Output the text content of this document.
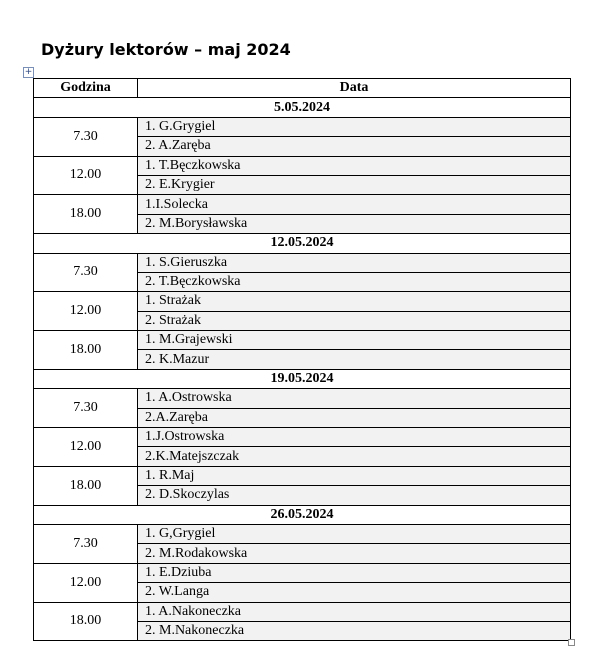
Dyżury lektorów – maj 2024
+
Godzina	Data
5.05.2024	
7.30	1. G.Grygiel
	2. A.Zaręba
12.00	1. T.Bęczkowska
	2. E.Krygier
18.00	1.I.Solecka
	2. M.Borysławska
12.05.2024	
7.30	1. S.Gieruszka
	2. T.Bęczkowska
12.00	1. Strażak
	2. Strażak
18.00	1. M.Grajewski
	2. K.Mazur
19.05.2024	
7.30	1. A.Ostrowska
	2.A.Zaręba
12.00	1.J.Ostrowska
	2.K.Matejszczak
18.00	1. R.Maj
	2. D.Skoczylas
26.05.2024	
7.30	1. G,Grygiel
	2. M.Rodakowska
12.00	1. E.Dziuba
	2. W.Langa
18.00	1. A.Nakoneczka
	2. M.Nakoneczka
